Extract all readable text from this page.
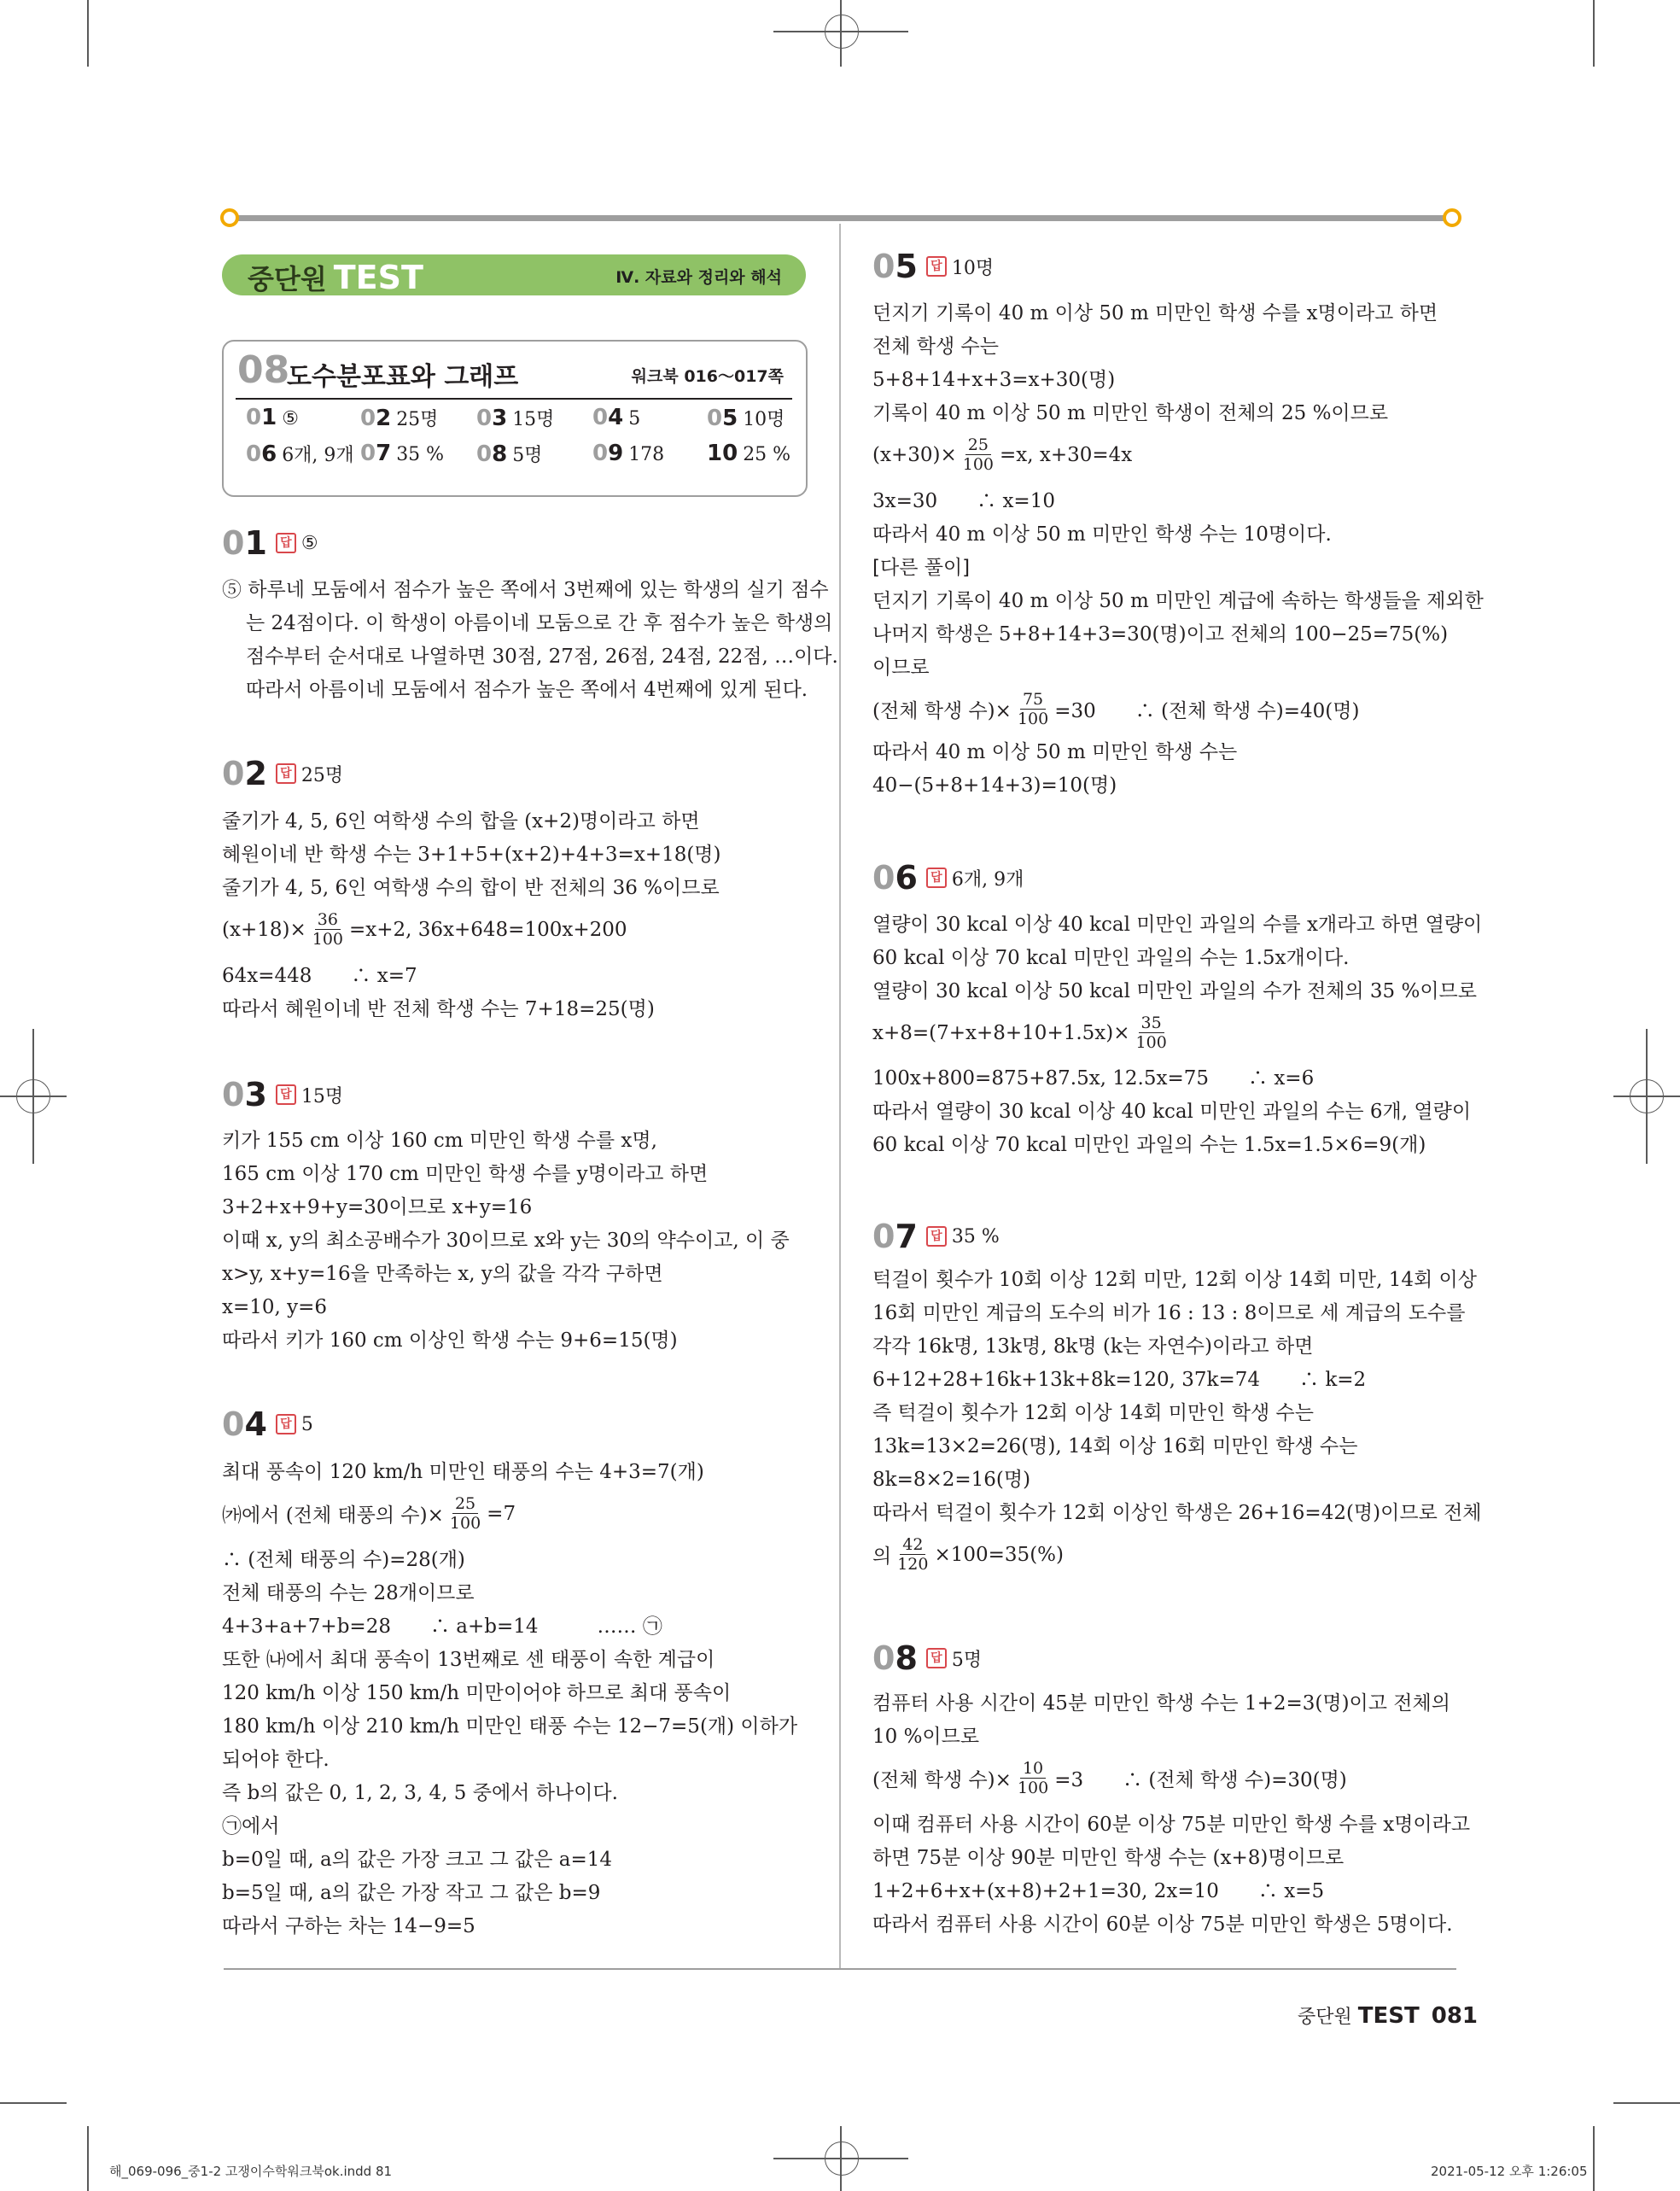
중단원 TEST	Ⅳ. 자료와 정리와 해석
08
도수분포표와 그래프	워크북 016～017쪽
01 ⑤	02 25명 03 15명 04 5	05 10명
06 6개, 9개 07 35 % 08 5명 09 178 10 25 %
01 답 ⑤
⑤ 하루네 모둠에서 점수가 높은 쪽에서 3번째에 있는 학생의 실기 점수
는 24점이다. 이 학생이 아름이네 모둠으로 간 후 점수가 높은 학생의
점수부터 순서대로 나열하면 30점, 27점, 26점, 24점, 22점, …이다.
따라서 아름이네 모둠에서 점수가 높은 쪽에서 4번째에 있게 된다.
02 답 25명
줄기가 4, 5, 6인 여학생 수의 합을 (x+2)명이라고 하면
혜원이네 반 학생 수는 3+1+5+(x+2)+4+3=x+18(명)
줄기가 4, 5, 6인 여학생 수의 합이 반 전체의 36 %이므로
$(x+18)\times \frac{36}{100} =x+2$, 36x+648=100x+200
64x=448　　∴ x=7
따라서 혜원이네 반 전체 학생 수는 7+18=25(명)
03 답 15명
키가 155 cm 이상 160 cm 미만인 학생 수를 x명,
165 cm 이상 170 cm 미만인 학생 수를 y명이라고 하면
3+2+x+9+y=30이므로 x+y=16
이때 x, y의 최소공배수가 30이므로 x와 y는 30의 약수이고, 이 중
x>y, x+y=16을 만족하는 x, y의 값을 각각 구하면
x=10, y=6
따라서 키가 160 cm 이상인 학생 수는 9+6=15(명)
04 답 5
최대 풍속이 120 km/h 미만인 태풍의 수는 4+3=7(개)
㈎에서 (전체 태풍의 수)× $\frac{25}{100} =7$
∴ (전체 태풍의 수)=28(개)
전체 태풍의 수는 28개이므로
4+3+a+7+b=28　　∴ a+b=14　　　…… ㉠
또한 ㈏에서 최대 풍속이 13번째로 센 태풍이 속한 계급이
120 km/h 이상 150 km/h 미만이어야 하므로 최대 풍속이
180 km/h 이상 210 km/h 미만인 태풍 수는 12−7=5(개) 이하가
되어야 한다.
즉 b의 값은 0, 1, 2, 3, 4, 5 중에서 하나이다.
㉠에서
b=0일 때, a의 값은 가장 크고 그 값은 a=14
b=5일 때, a의 값은 가장 작고 그 값은 b=9
따라서 구하는 차는 14−9=5
05 답 10명
던지기 기록이 40 m 이상 50 m 미만인 학생 수를 x명이라고 하면
전체 학생 수는
5+8+14+x+3=x+30(명)
기록이 40 m 이상 50 m 미만인 학생이 전체의 25 %이므로
$(x+30)\times \frac{25}{100} =x$, x+30=4x
3x=30　　∴ x=10
따라서 40 m 이상 50 m 미만인 학생 수는 10명이다.
[다른 풀이]
던지기 기록이 40 m 이상 50 m 미만인 계급에 속하는 학생들을 제외한
나머지 학생은 5+8+14+3=30(명)이고 전체의 100−25=75(%)
이므로
(전체 학생 수)× $\frac{75}{100} =30$　　∴ (전체 학생 수)=40(명)
따라서 40 m 이상 50 m 미만인 학생 수는
40−(5+8+14+3)=10(명)
06 답 6개, 9개
열량이 30 kcal 이상 40 kcal 미만인 과일의 수를 x개라고 하면 열량이
60 kcal 이상 70 kcal 미만인 과일의 수는 1.5x개이다.
열량이 30 kcal 이상 50 kcal 미만인 과일의 수가 전체의 35 %이므로
$x+8=(7+x+8+10+1.5x)\times \frac{35}{100}$
100x+800=875+87.5x, 12.5x=75　　∴ x=6
따라서 열량이 30 kcal 이상 40 kcal 미만인 과일의 수는 6개, 열량이
60 kcal 이상 70 kcal 미만인 과일의 수는 1.5x=1.5×6=9(개)
07 답 35 %
턱걸이 횟수가 10회 이상 12회 미만, 12회 이상 14회 미만, 14회 이상
16회 미만인 계급의 도수의 비가 16 : 13 : 8이므로 세 계급의 도수를
각각 16k명, 13k명, 8k명 (k는 자연수)이라고 하면
6+12+28+16k+13k+8k=120, 37k=74　　∴ k=2
즉 턱걸이 횟수가 12회 이상 14회 미만인 학생 수는
13k=13×2=26(명), 14회 이상 16회 미만인 학생 수는
8k=8×2=16(명)
따라서 턱걸이 횟수가 12회 이상인 학생은 26+16=42(명)이므로 전체
의 $\frac{42}{120} \times 100=35(\%)$
08 답 5명
컴퓨터 사용 시간이 45분 미만인 학생 수는 1+2=3(명)이고 전체의
10 %이므로
(전체 학생 수)× $\frac{10}{100} =3$　　∴ (전체 학생 수)=30(명)
이때 컴퓨터 사용 시간이 60분 이상 75분 미만인 학생 수를 x명이라고
하면 75분 이상 90분 미만인 학생 수는 (x+8)명이므로
1+2+6+x+(x+8)+2+1=30, 2x=10　　∴ x=5
따라서 컴퓨터 사용 시간이 60분 이상 75분 미만인 학생은 5명이다.
중단원 TEST 081
해_069-096_중1-2 고쟁이수학워크북ok.indd 81	2021-05-12 오후 1:26:05
